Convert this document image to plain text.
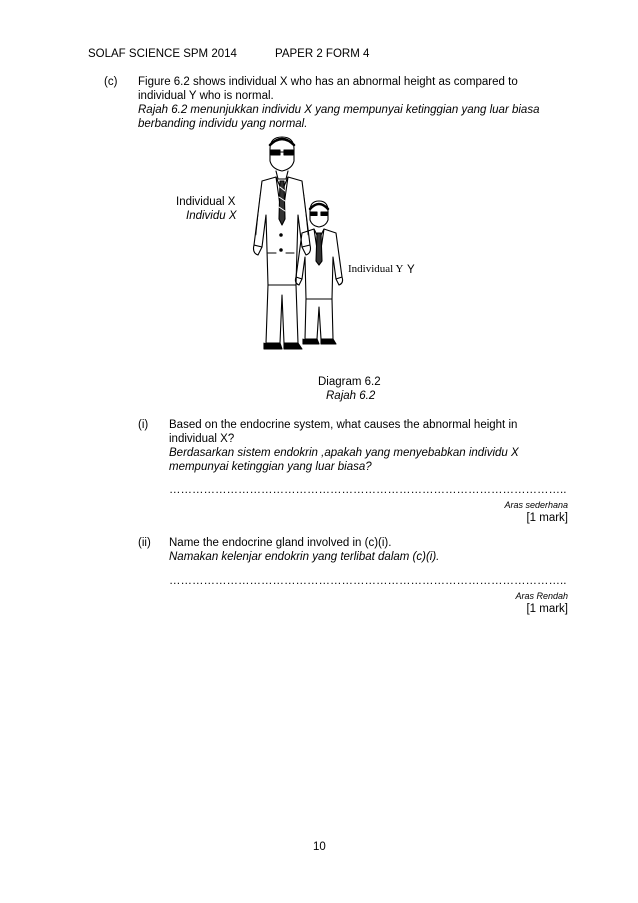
SOLAF SCIENCE SPM 2014	PAPER 2 FORM 4
(c) Figure 6.2 shows individual X who has an abnormal height as compared to
individual Y who is normal.
Rajah 6.2 menunjukkan individu X yang mempunyai ketinggian yang luar biasa
berbanding individu yang normal.
Individual X
Individu X
Individual Y Y
Diagram 6.2
Rajah 6.2
(i) Based on the endocrine system, what causes the abnormal height in
individual X?
Berdasarkan sistem endokrin ,apakah yang menyebabkan individu X
mempunyai ketinggian yang luar biasa?
…………………………………………………………………………………………..
Aras sederhana
[1 mark]
(ii) Name the endocrine gland involved in (c)(i).
Namakan kelenjar endokrin yang terlibat dalam (c)(i).
…………………………………………………………………………………………..
Aras Rendah
[1 mark]
10
